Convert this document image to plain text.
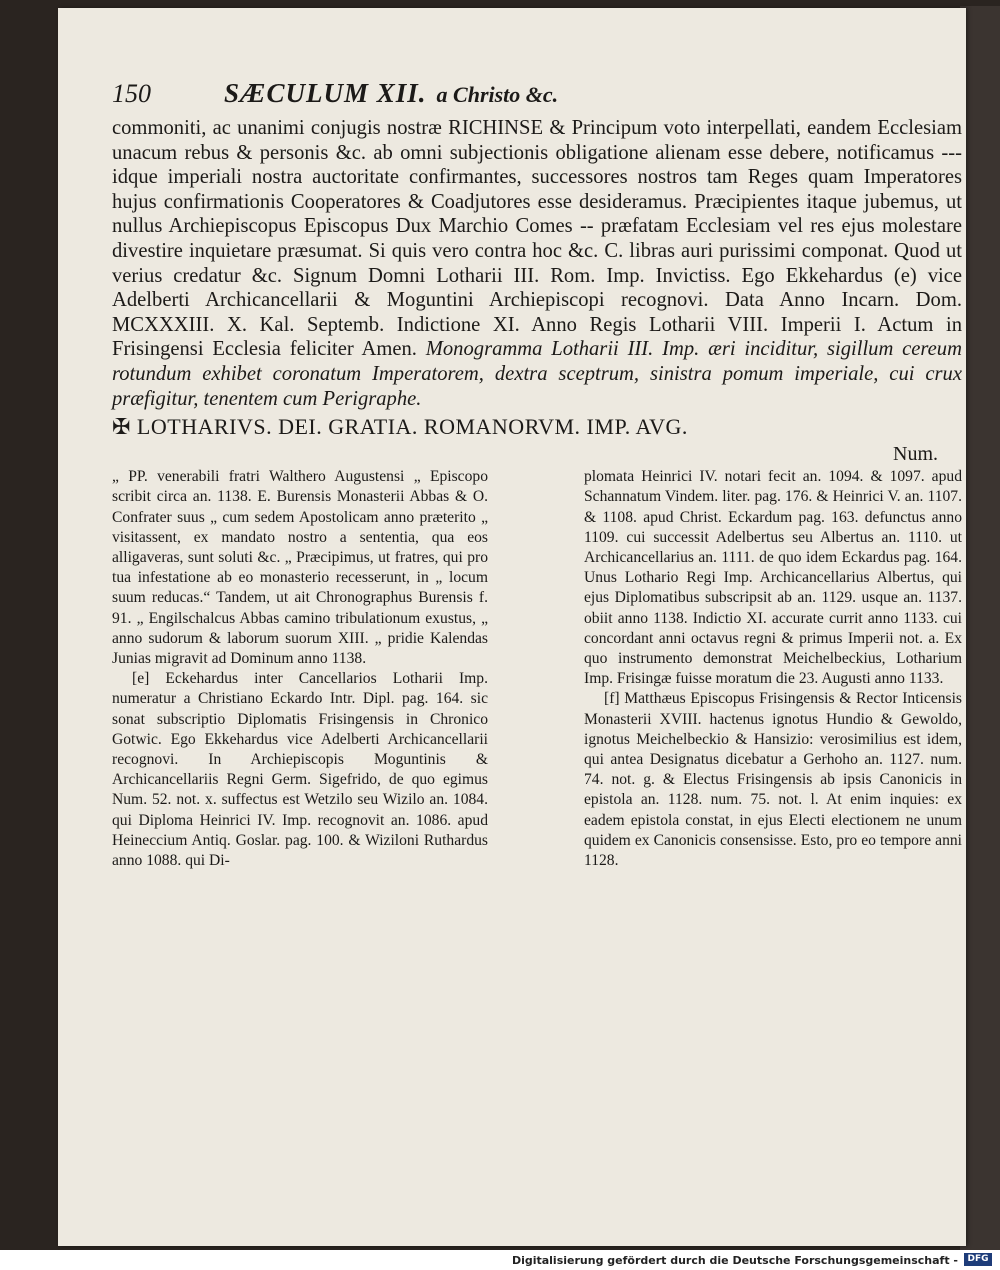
150	SÆCULUM XII. a Christo &c.

commoniti, ac unanimi conjugis nostræ RICHINSE & Principum voto interpellati, eandem Ecclesiam unacum rebus & personis &c. ab omni subjectionis obligatione alienam esse debere, notificamus --- idque imperiali nostra auctoritate confirmantes, successores nostros tam Reges quam Imperatores hujus confirmationis Cooperatores & Coadjutores esse desideramus. Præcipientes itaque jubemus, ut nullus Archiepiscopus Episcopus Dux Marchio Comes -- præfatam Ecclesiam vel res ejus molestare divestire inquietare præsumat. Si quis vero contra hoc &c. C. libras auri purissimi componat. Quod ut verius credatur &c. Signum Domni Lotharii III. Rom. Imp. Invictiss. Ego Ekkehardus (e) vice Adelberti Archicancellarii & Moguntini Archiepiscopi recognovi. Data Anno Incarn. Dom. MCXXXIII. X. Kal. Septemb. Indictione XI. Anno Regis Lotharii VIII. Imperii I. Actum in Frisingensi Ecclesia feliciter Amen. Monogramma Lotharii III. Imp. æri inciditur, sigillum cereum rotundum exhibet coronatum Imperatorem, dextra sceptrum, sinistra pomum imperiale, cui crux præfigitur, tenentem cum Perigraphe.

✠ LOTHARIVS. DEI. GRATIA. ROMANORVM. IMP. AVG.
Num.

„ PP. venerabili fratri Walthero Augustensi „ Episcopo scribit circa an. 1138. E. Burensis Monasterii Abbas & O. Confrater suus „ cum sedem Apostolicam anno præterito „ visitassent, ex mandato nostro a sententia, qua eos alligaveras, sunt soluti &c. „ Præcipimus, ut fratres, qui pro tua infestatione ab eo monasterio recesserunt, in „ locum suum reducas.“ Tandem, ut ait Chronographus Burensis f. 91. „ Engilschalcus Abbas camino tribulationum exustus, „ anno sudorum & laborum suorum XIII. „ pridie Kalendas Junias migravit ad Dominum anno 1138.

[e] Eckehardus inter Cancellarios Lotharii Imp. numeratur a Christiano Eckardo Intr. Dipl. pag. 164. sic sonat subscriptio Diplomatis Frisingensis in Chronico Gotwic. Ego Ekkehardus vice Adelberti Archicancellarii recognovi. In Archiepiscopis Moguntinis & Archicancellariis Regni Germ. Sigefrido, de quo egimus Num. 52. not. x. suffectus est Wetzilo seu Wizilo an. 1084. qui Diploma Heinrici IV. Imp. recognovit an. 1086. apud Heineccium Antiq. Goslar. pag. 100. & Wiziloni Ruthardus anno 1088. qui Di-

plomata Heinrici IV. notari fecit an. 1094. & 1097. apud Schannatum Vindem. liter. pag. 176. & Heinrici V. an. 1107. & 1108. apud Christ. Eckardum pag. 163. defunctus anno 1109. cui successit Adelbertus seu Albertus an. 1110. ut Archicancellarius an. 1111. de quo idem Eckardus pag. 164. Unus Lothario Regi Imp. Archicancellarius Albertus, qui ejus Diplomatibus subscripsit ab an. 1129. usque an. 1137. obiit anno 1138. Indictio XI. accurate currit anno 1133. cui concordant anni octavus regni & primus Imperii not. a. Ex quo instrumento demonstrat Meichelbeckius, Lotharium Imp. Frisingæ fuisse moratum die 23. Augusti anno 1133.

[f] Matthæus Episcopus Frisingensis & Rector Inticensis Monasterii XVIII. hactenus ignotus Hundio & Gewoldo, ignotus Meichelbeckio & Hansizio: verosimilius est idem, qui antea Designatus dicebatur a Gerhoho an. 1127. num. 74. not. g. & Electus Frisingensis ab ipsis Canonicis in epistola an. 1128. num. 75. not. l. At enim inquies: ex eadem epistola constat, in ejus Electi electionem ne unum quidem ex Canonicis consensisse. Esto, pro eo tempore anni 1128.

Digitalisierung gefördert durch die Deutsche Forschungsgemeinschaft -	DFG
